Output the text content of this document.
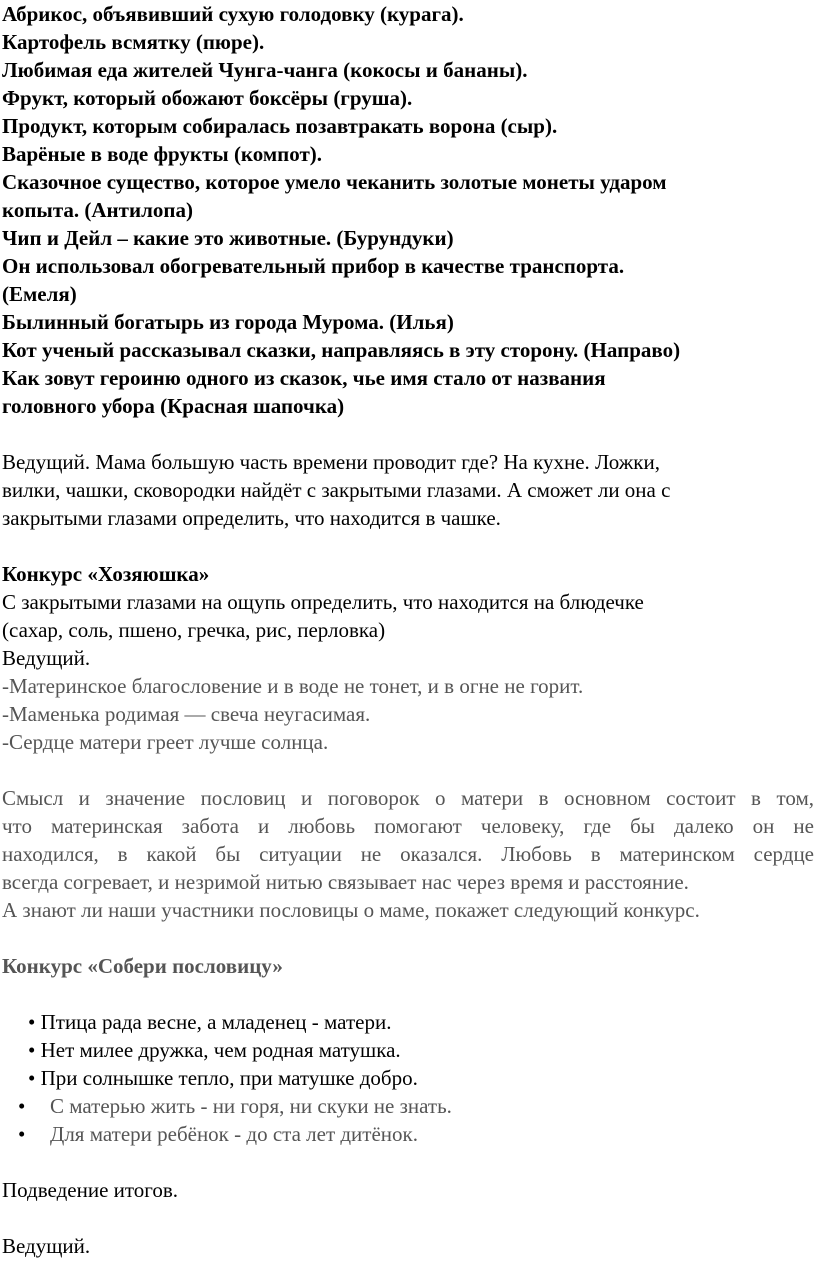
Абрикос, объявивший сухую голодовку (курага).
Картофель всмятку (пюре).
Любимая еда жителей Чунга-чанга (кокосы и бананы).
Фрукт, который обожают боксёры (груша).
Продукт, которым собиралась позавтракать ворона (сыр).
Варёные в воде фрукты (компот).
Сказочное существо, которое умело чеканить золотые монеты ударом
копыта. (Антилопа)
Чип и Дейл – какие это животные. (Бурундуки)
Он использовал обогревательный прибор в качестве транспорта.
(Емеля)
Былинный богатырь из города Мурома. (Илья)
Кот ученый рассказывал сказки, направляясь в эту сторону. (Направо)
Как зовут героиню одного из сказок, чье имя стало от названия
головного убора (Красная шапочка)
Ведущий. Мама большую часть времени проводит где? На кухне. Ложки,
вилки, чашки, сковородки найдёт с закрытыми глазами. А сможет ли она с
закрытыми глазами определить, что находится в чашке.
Конкурс «Хозяюшка»
С закрытыми глазами на ощупь определить, что находится на блюдечке
(сахар, соль, пшено, гречка, рис, перловка)
Ведущий.
-Материнское благословение и в воде не тонет, и в огне не горит.
-Маменька родимая — свеча неугасимая.
-Сердце матери греет лучше солнца.
Смысл и значение пословиц и поговорок о матери в основном состоит в том,
что материнская забота и любовь помогают человеку, где бы далеко он не
находился, в какой бы ситуации не оказался. Любовь в материнском сердце
всегда согревает, и незримой нитью связывает нас через время и расстояние.
А знают ли наши участники пословицы о маме, покажет следующий конкурс.
Конкурс «Собери пословицу»
• Птица рада весне, а младенец - матери.
• Нет милее дружка, чем родная матушка.
• При солнышке тепло, при матушке добро.
• С матерью жить - ни горя, ни скуки не знать.
• Для матери ребёнок - до ста лет дитёнок.
Подведение итогов.
Ведущий.
